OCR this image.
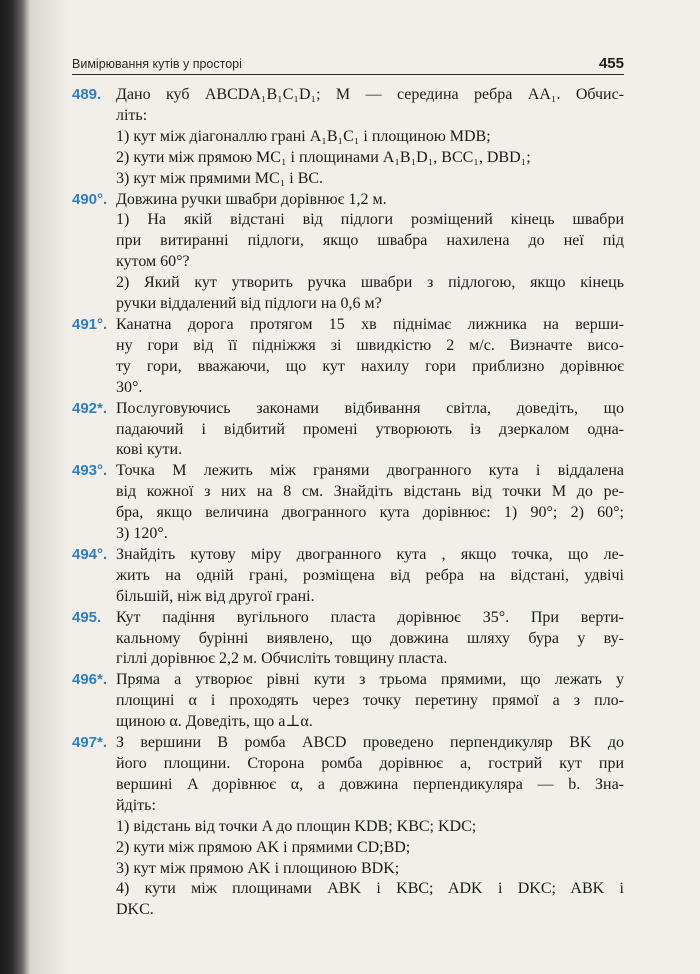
Вимірювання кутів у просторі	455
489. Дано куб ABCDA₁B₁C₁D₁; M — середина ребра AA₁. Обчис-
літь:
1) кут між діагоналлю грані A₁B₁C₁ і площиною MDB;
2) кути між прямою MC₁ і площинами A₁B₁D₁, BCC₁, DBD₁;
3) кут між прямими MC₁ і BC.
490°. Довжина ручки швабри дорівнює 1,2 м.
1) На якій відстані від підлоги розміщений кінець швабри
при витиранні підлоги, якщо швабра нахилена до неї під
кутом 60°?
2) Який кут утворить ручка швабри з підлогою, якщо кінець
ручки віддалений від підлоги на 0,6 м?
491°. Канатна дорога протягом 15 хв піднімає лижника на верши-
ну гори від її підніжжя зі швидкістю 2 м/с. Визначте висо-
ту гори, вважаючи, що кут нахилу гори приблизно дорівнює
30°.
492*. Послуговуючись законами відбивання світла, доведіть, що
падаючий і відбитий промені утворюють із дзеркалом одна-
кові кути.
493°. Точка M лежить між гранями двогранного кута і віддалена
від кожної з них на 8 см. Знайдіть відстань від точки M до ре-
бра, якщо величина двогранного кута дорівнює: 1) 90°; 2) 60°;
3) 120°.
494°. Знайдіть кутову міру двогранного кута , якщо точка, що ле-
жить на одній грані, розміщена від ребра на відстані, удвічі
більшій, ніж від другої грані.
495. Кут падіння вугільного пласта дорівнює 35°. При верти-
кальному бурінні виявлено, що довжина шляху бура у ву-
гіллі дорівнює 2,2 м. Обчисліть товщину пласта.
496*. Пряма a утворює рівні кути з трьома прямими, що лежать у
площині α і проходять через точку перетину прямої a з пло-
щиною α. Доведіть, що a⊥α.
497*. З вершини B ромба ABCD проведено перпендикуляр BK до
його площини. Сторона ромба дорівнює a, гострий кут при
вершині A дорівнює α, а довжина перпендикуляра — b. Зна-
йдіть:
1) відстань від точки A до площин KDB; KBC; KDC;
2) кути між прямою AK і прямими CD;BD;
3) кут між прямою AK і площиною BDK;
4) кути між площинами ABK і KBC; ADK і DKC; ABK і
DKC.
